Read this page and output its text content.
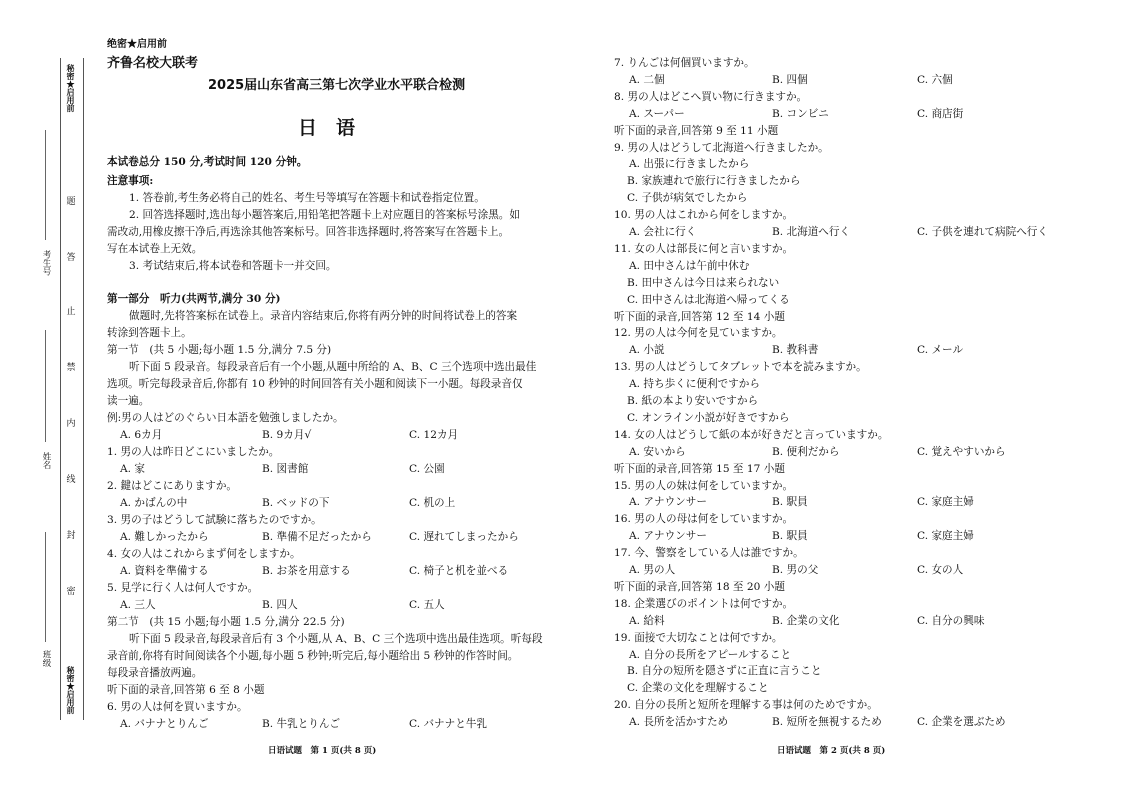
秘密★启用前
秘密★启用前
题
答
止
禁
内
线
封
密
考生号
姓名
班级
绝密★启用前
齐鲁名校大联考
2025届山东省高三第七次学业水平联合检测
日　语
本试卷总分 150 分,考试时间 120 分钟。
注意事项:
1. 答卷前,考生务必将自己的姓名、考生号等填写在答题卡和试卷指定位置。
2. 回答选择题时,选出每小题答案后,用铅笔把答题卡上对应题目的答案标号涂黑。如
需改动,用橡皮擦干净后,再选涂其他答案标号。回答非选择题时,将答案写在答题卡上。
写在本试卷上无效。
3. 考试结束后,将本试卷和答题卡一并交回。
第一部分　听力(共两节,满分 30 分)
做题时,先将答案标在试卷上。录音内容结束后,你将有两分钟的时间将试卷上的答案
转涂到答题卡上。
第一节　(共 5 小题;每小题 1.5 分,满分 7.5 分)
听下面 5 段录音。每段录音后有一个小题,从题中所给的 A、B、C 三个选项中选出最佳
选项。听完每段录音后,你都有 10 秒钟的时间回答有关小题和阅读下一小题。每段录音仅
读一遍。
例:男の人はどのぐらい日本語を勉強しましたか。
A. 6カ月	B. 9カ月√	C. 12カ月
1. 男の人は昨日どこにいましたか。
A. 家	B. 図書館	C. 公園
2. 鍵はどこにありますか。
A. かばんの中	B. ベッドの下	C. 机の上
3. 男の子はどうして試験に落ちたのですか。
A. 難しかったから	B. 準備不足だったから	C. 遅れてしまったから
4. 女の人はこれからまず何をしますか。
A. 資料を準備する	B. お茶を用意する	C. 椅子と机を並べる
5. 見学に行く人は何人ですか。
A. 三人	B. 四人	C. 五人
第二节　(共 15 小题;每小题 1.5 分,满分 22.5 分)
听下面 5 段录音,每段录音后有 3 个小题,从 A、B、C 三个选项中选出最佳选项。听每段
录音前,你将有时间阅读各个小题,每小题 5 秒钟;听完后,每小题给出 5 秒钟的作答时间。
每段录音播放两遍。
听下面的录音,回答第 6 至 8 小题
6. 男の人は何を買いますか。
A. バナナとりんご	B. 牛乳とりんご	C. バナナと牛乳
日语试题　第 1 页(共 8 页)
7. りんごは何個買いますか。
A. 二個	B. 四個	C. 六個
8. 男の人はどこへ買い物に行きますか。
A. スーパー	B. コンビニ	C. 商店街
听下面的录音,回答第 9 至 11 小题
9. 男の人はどうして北海道へ行きましたか。
A. 出張に行きましたから
B. 家族連れで旅行に行きましたから
C. 子供が病気でしたから
10. 男の人はこれから何をしますか。
A. 会社に行く	B. 北海道へ行く	C. 子供を連れて病院へ行く
11. 女の人は部長に何と言いますか。
A. 田中さんは午前中休む
B. 田中さんは今日は来られない
C. 田中さんは北海道へ帰ってくる
听下面的录音,回答第 12 至 14 小题
12. 男の人は今何を見ていますか。
A. 小説	B. 教科書	C. メール
13. 男の人はどうしてタブレットで本を読みますか。
A. 持ち歩くに便利ですから
B. 紙の本より安いですから
C. オンライン小説が好きですから
14. 女の人はどうして紙の本が好きだと言っていますか。
A. 安いから	B. 便利だから	C. 覚えやすいから
听下面的录音,回答第 15 至 17 小题
15. 男の人の妹は何をしていますか。
A. アナウンサー	B. 駅員	C. 家庭主婦
16. 男の人の母は何をしていますか。
A. アナウンサー	B. 駅員	C. 家庭主婦
17. 今、警察をしている人は誰ですか。
A. 男の人	B. 男の父	C. 女の人
听下面的录音,回答第 18 至 20 小题
18. 企業選びのポイントは何ですか。
A. 給料	B. 企業の文化	C. 自分の興味
19. 面接で大切なことは何ですか。
A. 自分の長所をアピールすること
B. 自分の短所を隠さずに正直に言うこと
C. 企業の文化を理解すること
20. 自分の長所と短所を理解する事は何のためですか。
A. 長所を活かすため	B. 短所を無視するため	C. 企業を選ぶため
日语试题　第 2 页(共 8 页)
